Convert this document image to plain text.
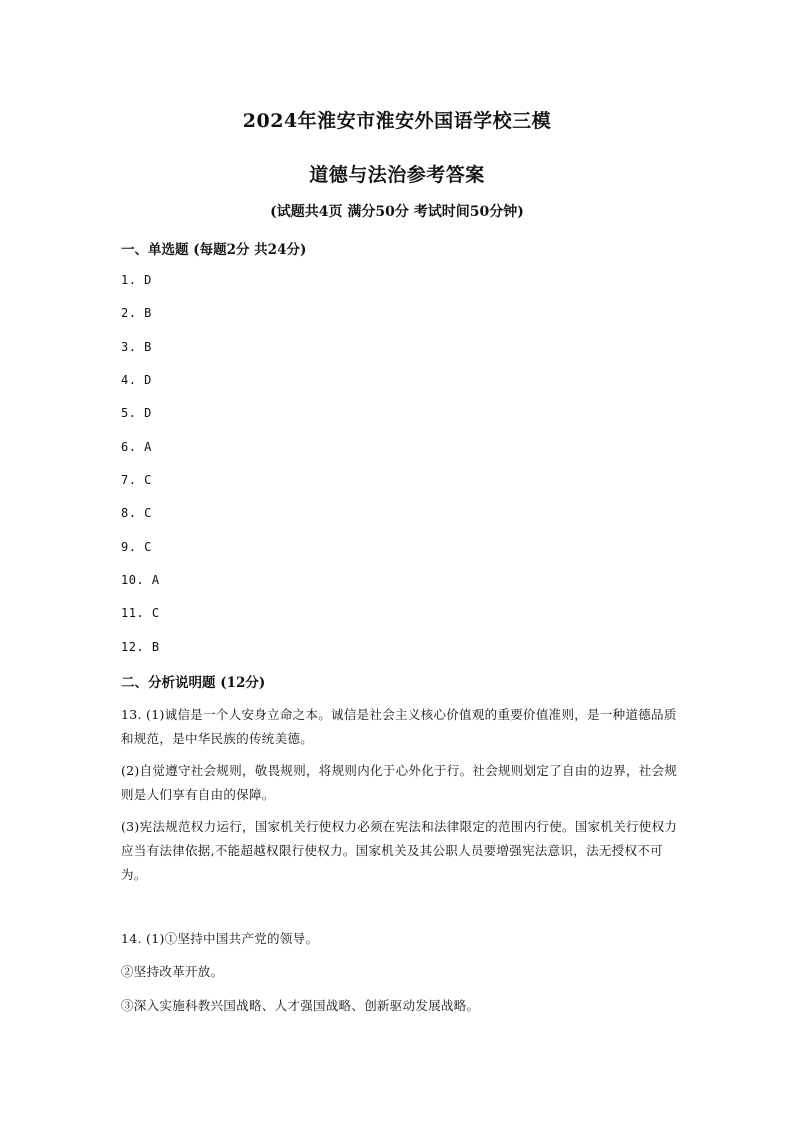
2024年淮安市淮安外国语学校三模
道德与法治参考答案
(试题共4页 满分50分 考试时间50分钟)
一、单选题 (每题2分 共24分)
1. D
2. B
3. B
4. D
5. D
6. A
7. C
8. C
9. C
10. A
11. C
12. B
二、分析说明题 (12分)
13. (1)诚信是一个人安身立命之本。诚信是社会主义核心价值观的重要价值准则，是一种道德品质和规范，是中华民族的传统美德。
(2)自觉遵守社会规则，敬畏规则，将规则内化于心外化于行。社会规则划定了自由的边界，社会规则是人们享有自由的保障。
(3)宪法规范权力运行，国家机关行使权力必须在宪法和法律限定的范围内行使。国家机关行使权力应当有法律依据,不能超越权限行使权力。国家机关及其公职人员要增强宪法意识，法无授权不可为。
14. (1)①坚持中国共产党的领导。
②坚持改革开放。
③深入实施科教兴国战略、人才强国战略、创新驱动发展战略。
